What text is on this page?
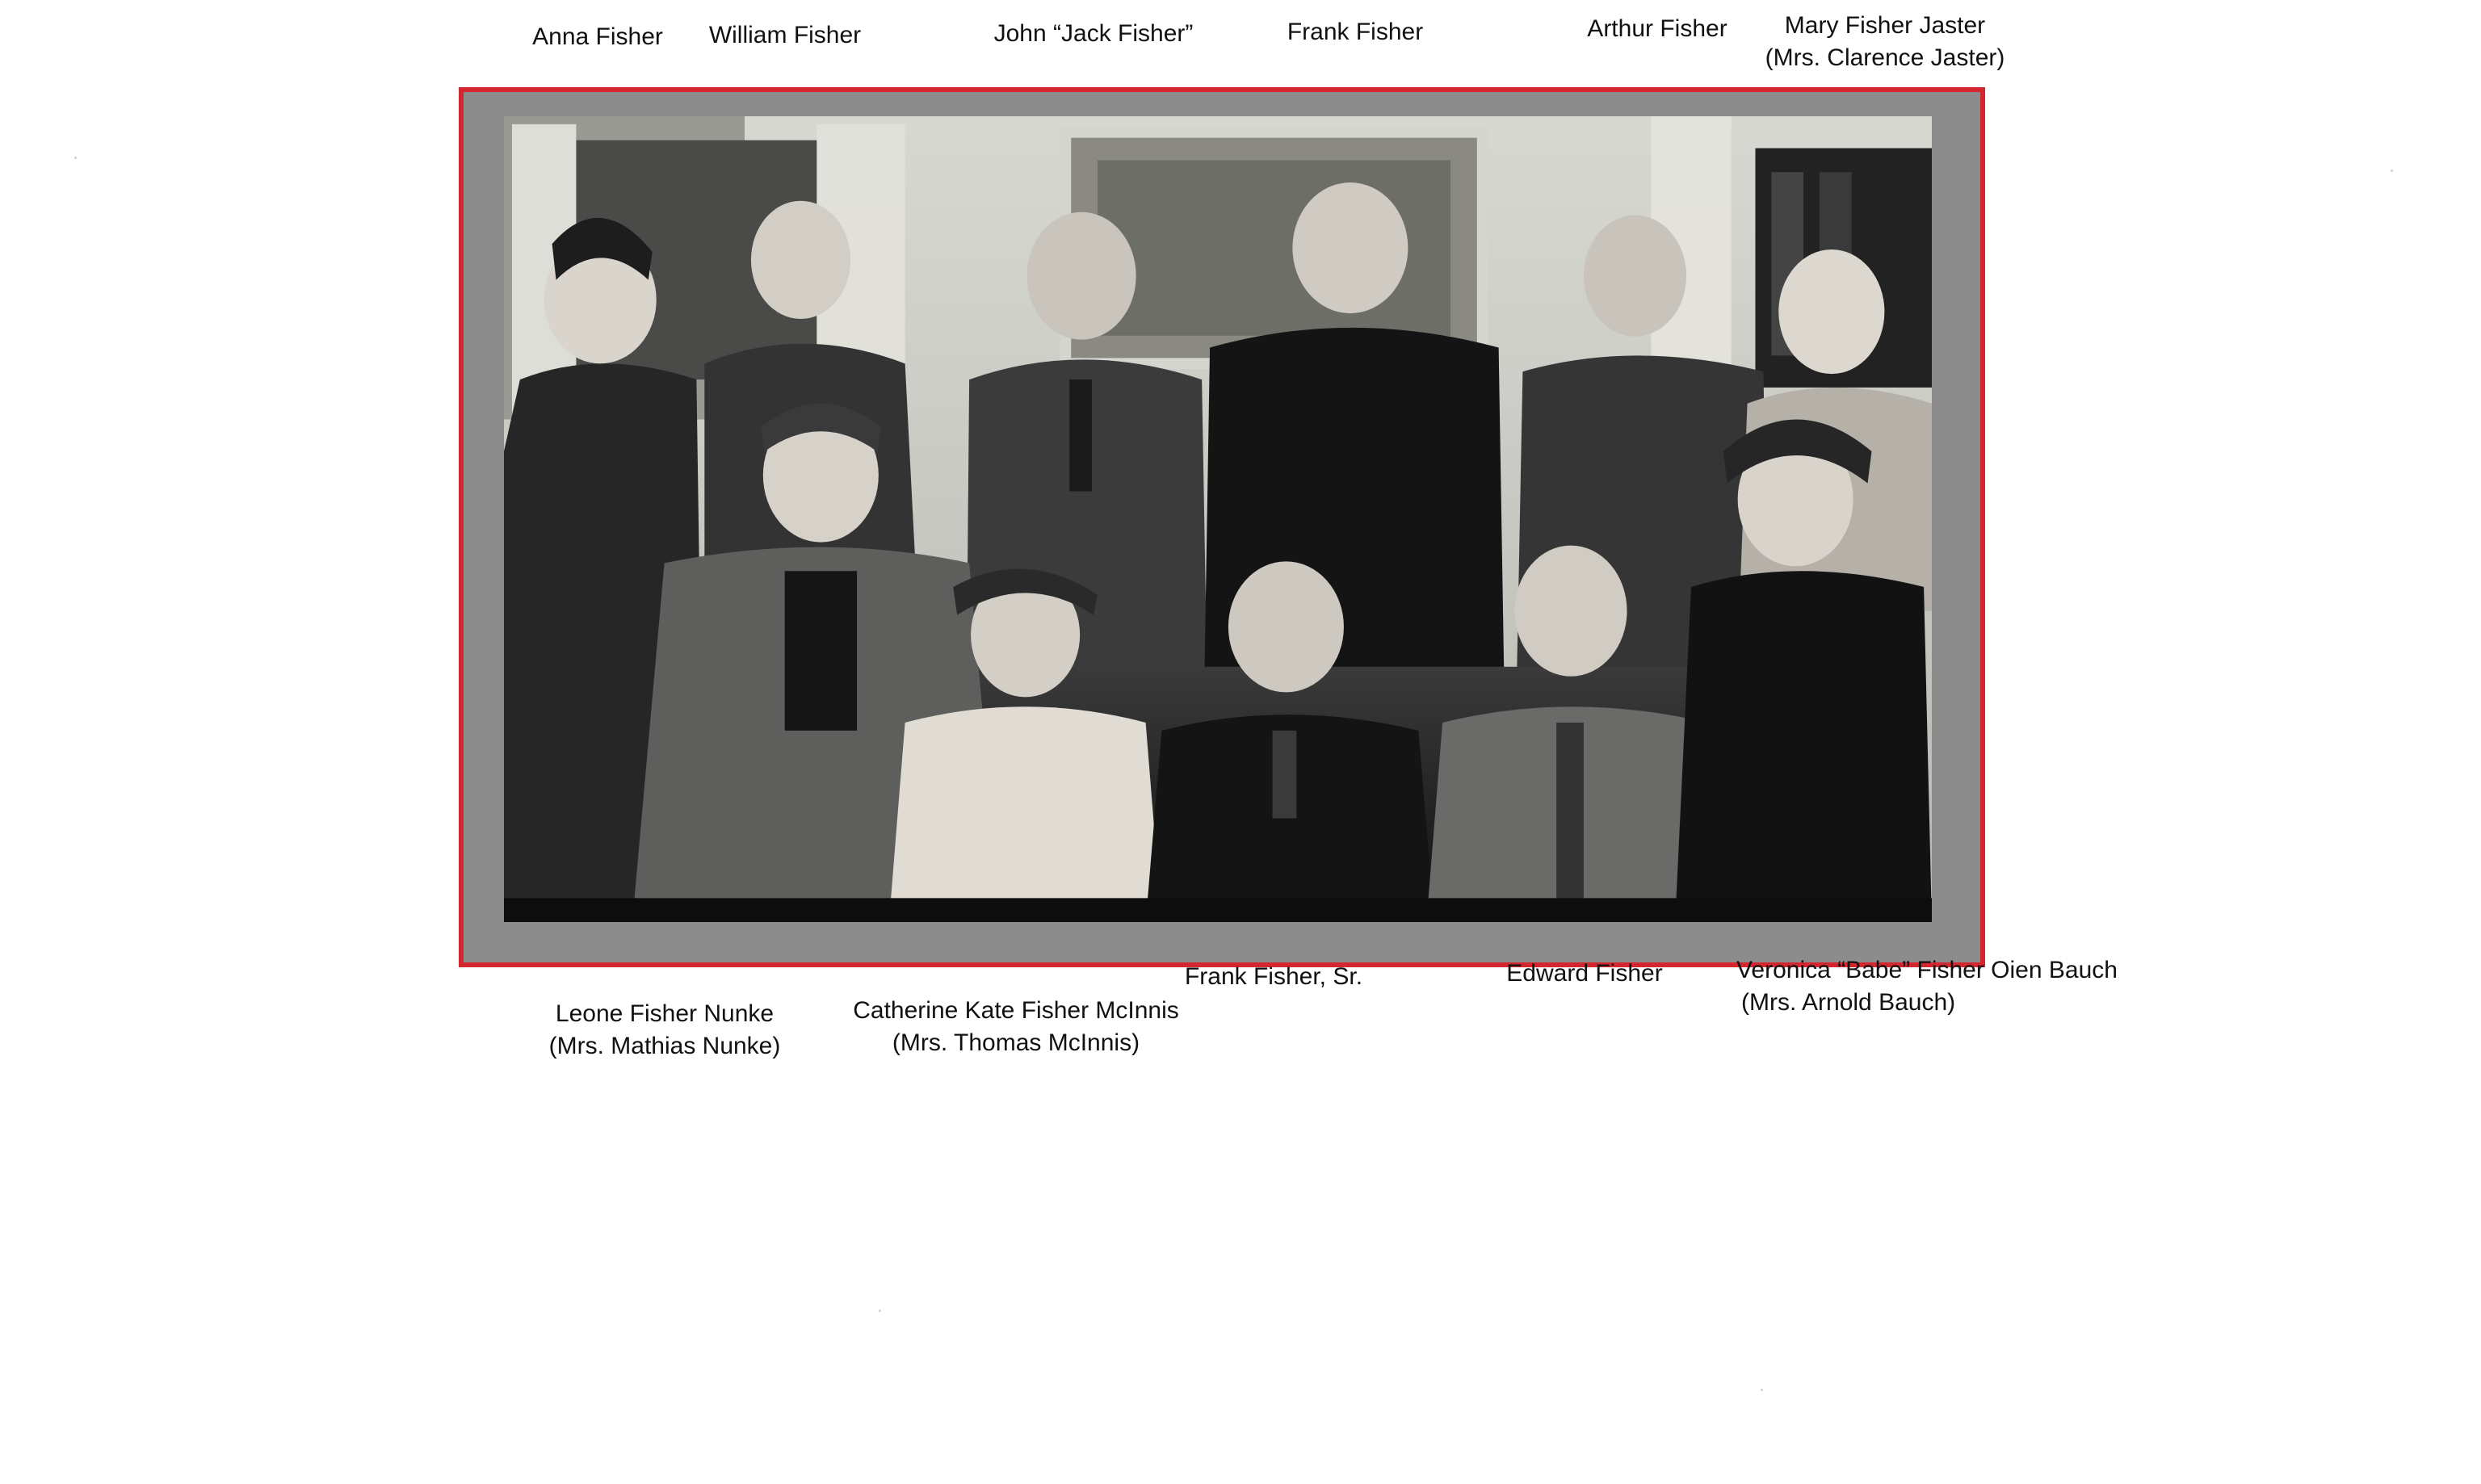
Anna Fisher William Fisher	John “Jack Fisher”	Frank Fisher	Arthur Fisher	Mary Fisher Jaster
(Mrs. Clarence Jaster)
Leone Fisher Nunke
(Mrs. Mathias Nunke)
Catherine Kate Fisher McInnis
(Mrs. Thomas McInnis)
Frank Fisher, Sr.	Edward Fisher	Veronica “Babe” Fisher Oien Bauch
(Mrs. Arnold Bauch)
